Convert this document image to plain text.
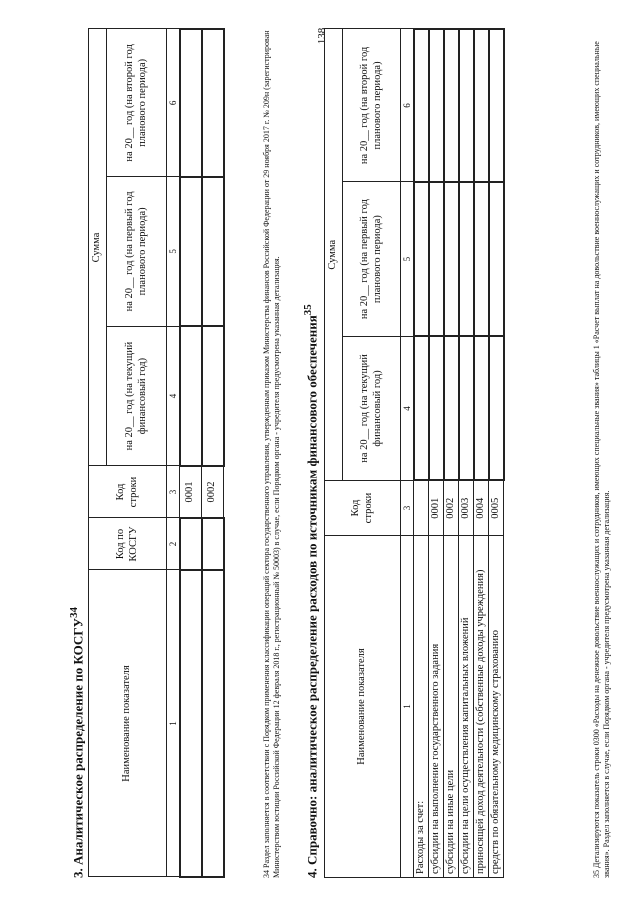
138
3. Аналитическое распределение по КОСГУ$^{34}$
Наименование показателя	Код по КОСГУ	Код строки	Сумма		
			на 20__ год (на текущий финансовый год)	на 20__ год (на первый год планового периода)	на 20__ год (на второй год планового периода)
1	2	3	4	5	6
		0001			
		0002				34 Раздел заполняется в соответствии с Порядком применения классификации операций сектора государственного управления, утвержденным приказом Министерства финансов Российской Федерации от 29 ноября 2017 г. № 209н (зарегистрирован Министерством юстиции Российской Федерации 12 февраля 2018 г., регистрационный № 50003) в случае, если Порядком органа - учредителя предусмотрена указанная детализация. 4. Справочно: аналитическое распределение расходов по источникам финансового обеспечения$^{35}$
Наименование показателя	Код строки	Сумма		
		на 20__ год (на текущий финансовый год)	на 20__ год (на первый год планового периода)	на 20__ год (на второй год планового периода)
1	3	4	5	6
Расходы за счет:				
субсидии на выполнение государственного задания	0001			
субсидии на иные цели	0002			
субсидии на цели осуществления капитальных вложений	0003			
приносящей доход деятельности (собственные доходы учреждения)	0004			
средств по обязательному медицинскому страхованию	0005				35 Детализируются показатель строки 0300 «Расходы на денежное довольствие военнослужащих и сотрудников, имеющих специальные звания» таблицы 1 «Расчет выплат на довольствие военнослужащих и сотрудников, имеющих специальные звания». Раздел заполняется в случае, если Порядком органа - учредителя предусмотрена указанная детализация.
